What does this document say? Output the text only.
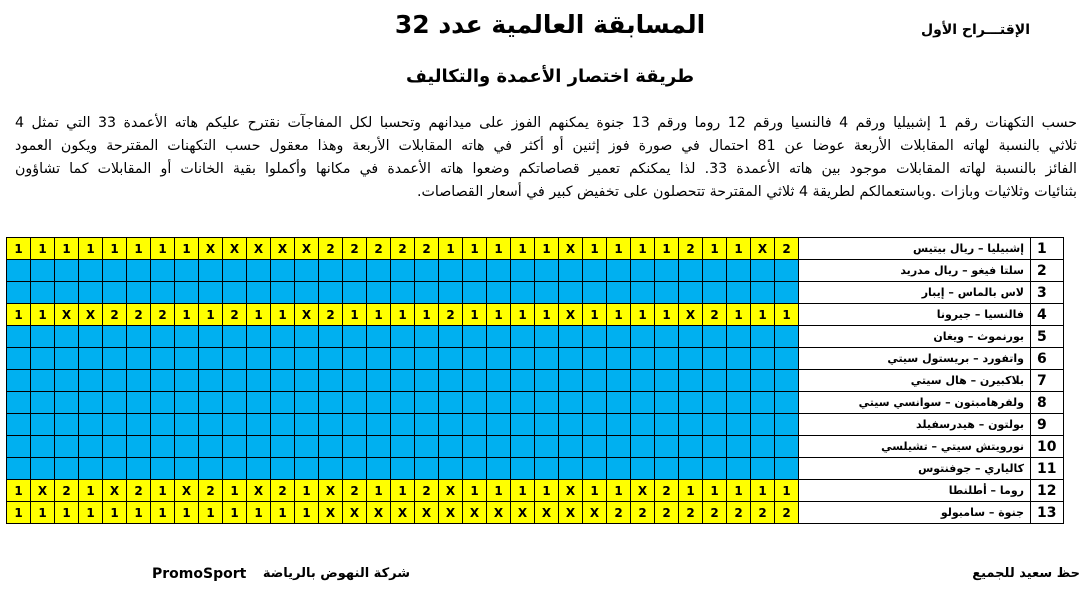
المسابقة العالمية عدد 32	الإقتـــراح الأول
طريقة اختصار الأعمدة والتكاليف
حسب التكهنات رقم 1 إشبيليا ورقم 4 فالنسيا ورقم 12 روما ورقم 13 جنوة يمكنهم الفوز على ميدانهم وتحسبا لكل المفاجآت نقترح عليكم هاته الأعمدة 33 التي تمثل 4
ثلاثي بالنسبة لهاته المقابلات الأربعة عوضا عن 81 احتمال في صورة فوز إثنين أو أكثر في هاته المقابلات الأربعة وهذا معقول حسب التكهنات المقترحة ويكون العمود
الفائز بالنسبة لهاته المقابلات موجود بين هاته الأعمدة 33. لذا يمكنكم تعمير قصاصاتكم وضعوا هاته الأعمدة في مكانها وأكملوا بقية الخانات أو المقابلات كما تشاؤون
بثنائيات وثلاثيات وبازات .وباستعمالكم لطريقة 4 ثلاثي المقترحة تتحصلون على تخفيض كبير في أسعار القصاصات.
1	1	1	1	1	1	1	1	X	X	X	X	X	2	2	2	2	2	1	1	1	1	1	X	1	1	1	1	2	1	1	X	2	إشبيليا – ريال بيتيس	1
																																	سلتا فيغو – ريال مدريد	2
																																	لاس بالماس – إيبار	3
1	1	X	X	2	2	2	1	1	2	1	1	X	2	1	1	1	1	2	1	1	1	1	X	1	1	1	1	X	2	1	1	1	فالنسيا – جيرونا	4
																																	بورنموث – ويغان	5
																																	واتفورد – بريستول سيتي	6
																																	بلاكبيرن – هال سيتي	7
																																	ولفرهامبتون – سوانسي سيتي	8
																																	بولتون – هيدرسفيلد	9
																																	نورويتش سيتي – تشيلسي	10
																																	كالياري – جوفنتوس	11
1	X	2	1	X	2	1	X	2	1	X	2	1	X	2	1	1	2	X	1	1	1	1	X	1	1	X	2	1	1	1	1	1	روما – أطلنطا	12
1	1	1	1	1	1	1	1	1	1	1	1	1	X	X	X	X	X	X	X	X	X	X	X	X	2	2	2	2	2	2	2	2	جنوة – سامبولو	13
حظ سعيد للجميع
شركة النهوض بالرياضة
PromoSport
